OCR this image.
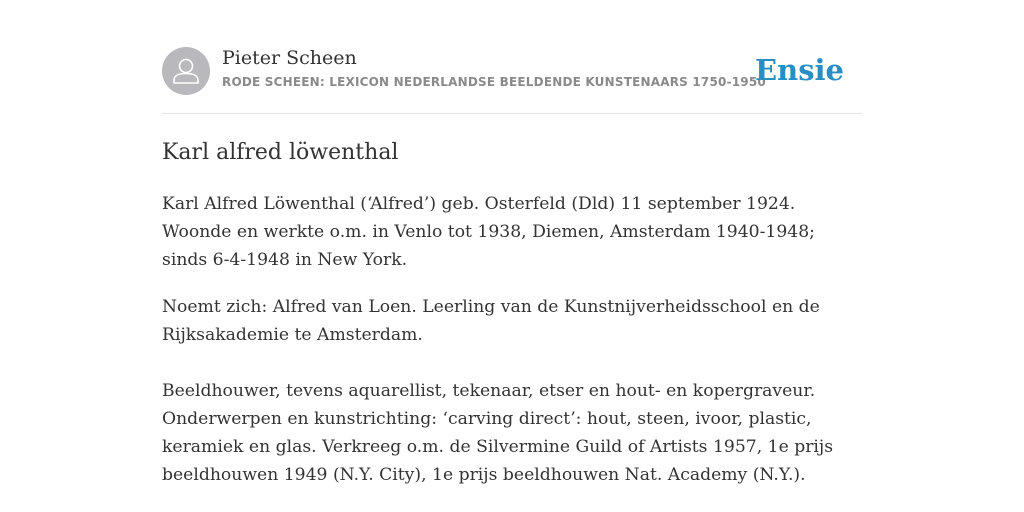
Pieter Scheen
RODE SCHEEN: LEXICON NEDERLANDSE BEELDENDE KUNSTENAARS 1750-1950
Ensie
Karl alfred löwenthal

Karl Alfred Löwenthal (‘Alfred’) geb. Osterfeld (Dld) 11 september 1924. Woonde en werkte o.m. in Venlo tot 1938, Diemen, Amsterdam 1940-1948; sinds 6-4-1948 in New York.

Noemt zich: Alfred van Loen. Leerling van de Kunstnijverheidsschool en de Rijksakademie te Amsterdam.

Beeldhouwer, tevens aquarellist, tekenaar, etser en hout- en kopergraveur. Onderwerpen en kunstrichting: ‘carving direct’: hout, steen, ivoor, plastic, keramiek en glas. Verkreeg o.m. de Silvermine Guild of Artists 1957, 1e prijs beeldhouwen 1949 (N.Y. City), 1e prijs beeldhouwen Nat. Academy (N.Y.).
